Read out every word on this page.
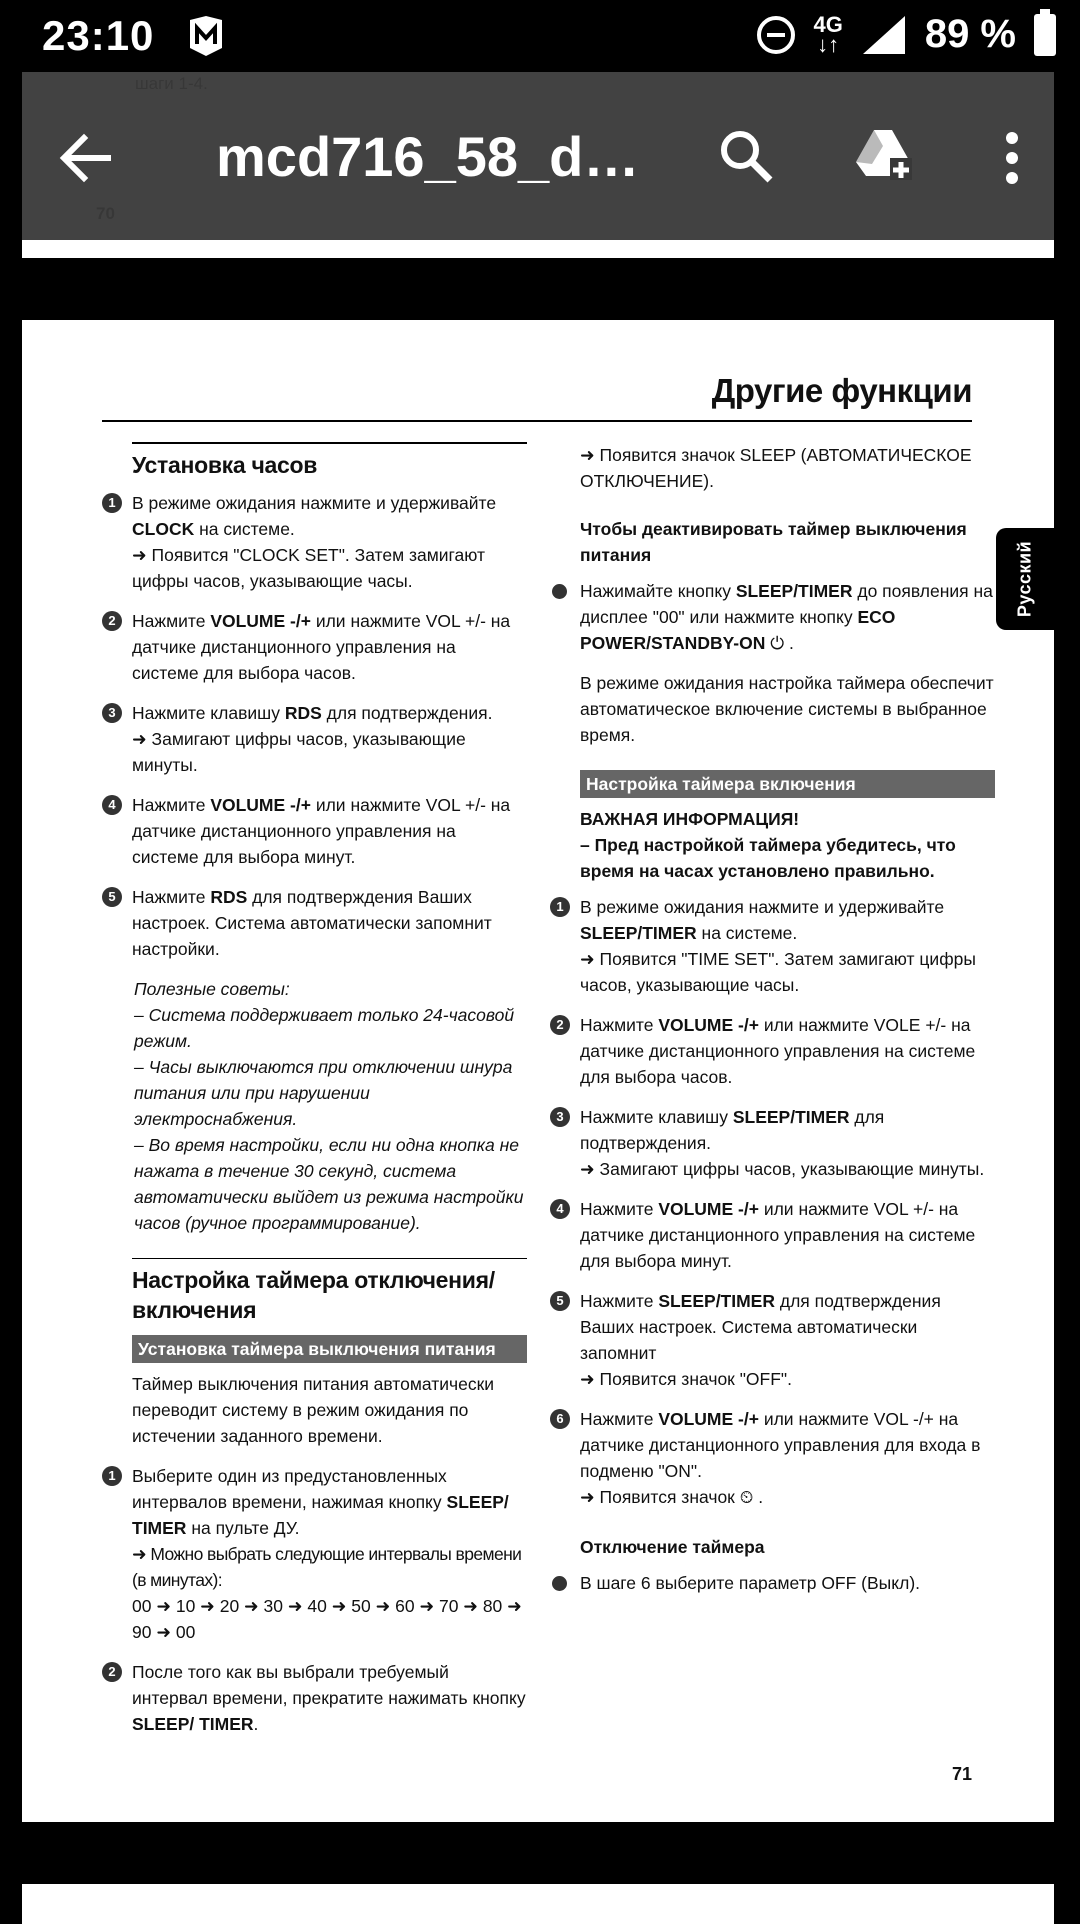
23:10	4G
↓↑ 89 %
mcd716_58_d…
Другие функции
Русский
Установка часов
1 В режиме ожидания нажмите и удерживайте CLOCK на системе.
➜ Появится "CLOCK SET". Затем замигают цифры часов, указывающие часы.
2 Нажмите VOLUME -/+ или нажмите VOL +/- на датчике дистанционного управления на системе для выбора часов.
3 Нажмите клавишу RDS для подтверждения.
➜ Замигают цифры часов, указывающие минуты.
4 Нажмите VOLUME -/+ или нажмите VOL +/- на датчике дистанционного управления на системе для выбора минут.
5 Нажмите RDS для подтверждения Ваших настроек. Система автоматически запомнит настройки.
Полезные советы:
– Система поддерживает только 24-часовой режим.
– Часы выключаются при отключении шнура питания или при нарушении электроснабжения.
– Во время настройки, если ни одна кнопка не нажата в течение 30 секунд, система автоматически выйдет из режима настройки часов (ручное программирование).
Настройка таймера отключения/ включения
Установка таймера выключения питания
Таймер выключения питания автоматически переводит систему в режим ожидания по истечении заданного времени.
1 Выберите один из предустановленных интервалов времени, нажимая кнопку SLEEP/ TIMER на пульте ДУ.
➜ Можно выбрать следующие интервалы времени (в минутах):
00 ➜ 10 ➜ 20 ➜ 30 ➜ 40 ➜ 50 ➜ 60 ➜ 70 ➜ 80 ➜ 90 ➜ 00
2 После того как вы выбрали требуемый интервал времени, прекратите нажимать кнопку SLEEP/ TIMER.
➜ Появится значок SLEEP (АВТОМАТИЧЕСКОЕ ОТКЛЮЧЕНИЕ).
Чтобы деактивировать таймер выключения питания
Нажимайте кнопку SLEEP/TIMER до появления на дисплее "00" или нажмите кнопку ECO POWER/STANDBY-ON ⏻ .
В режиме ожидания настройка таймера обеспечит автоматическое включение системы в выбранное время.
Настройка таймера включения
ВАЖНАЯ ИНФОРМАЦИЯ!
– Пред настройкой таймера убедитесь, что время на часах установлено правильно.
1 В режиме ожидания нажмите и удерживайте SLEEP/TIMER на системе.
➜ Появится "TIME SET". Затем замигают цифры часов, указывающие часы.
2 Нажмите VOLUME -/+ или нажмите VOLE +/- на датчике дистанционного управления на системе для выбора часов.
3 Нажмите клавишу SLEEP/TIMER для подтверждения.
➜ Замигают цифры часов, указывающие минуты.
4 Нажмите VOLUME -/+ или нажмите VOL +/- на датчике дистанционного управления на системе для выбора минут.
5 Нажмите SLEEP/TIMER для подтверждения Ваших настроек. Система автоматически запомнит
➜ Появится значок "OFF".
6 Нажмите VOLUME -/+ или нажмите VOL -/+ на датчике дистанционного управления для входа в подменю "ON".
➜ Появится значок ⏲ .
Отключение таймера
В шаге 6 выберите параметр OFF (Выкл).
71
